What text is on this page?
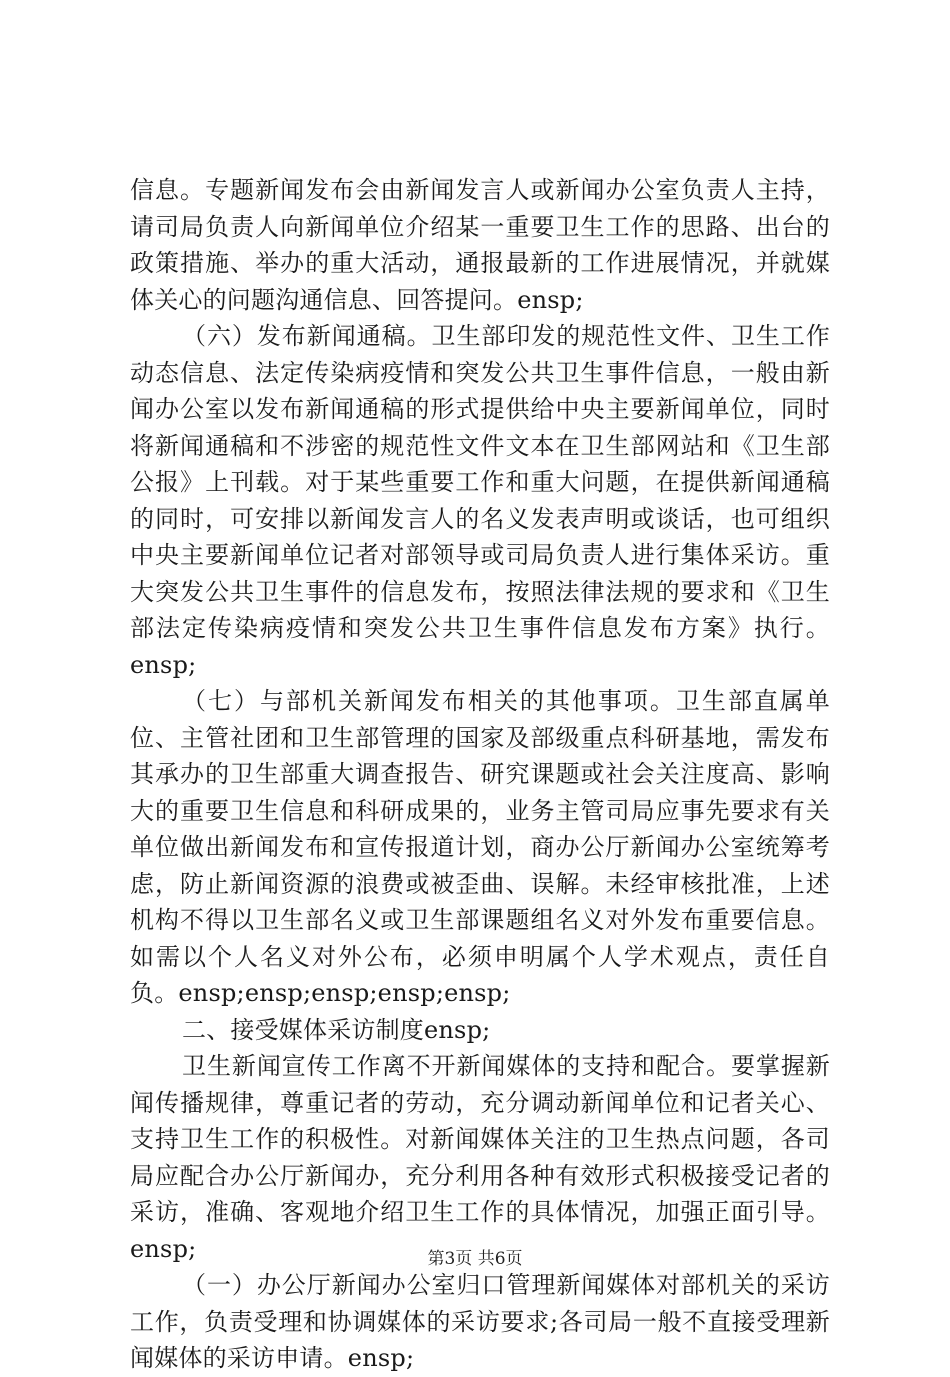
信息。专题新闻发布会由新闻发言人或新闻办公室负责人主持，请司局负责人向新闻单位介绍某一重要卫生工作的思路、出台的政策措施、举办的重大活动，通报最新的工作进展情况，并就媒体关心的问题沟通信息、回答提问。ensp;

（六）发布新闻通稿。卫生部印发的规范性文件、卫生工作动态信息、法定传染病疫情和突发公共卫生事件信息，一般由新闻办公室以发布新闻通稿的形式提供给中央主要新闻单位，同时将新闻通稿和不涉密的规范性文件文本在卫生部网站和《卫生部公报》上刊载。对于某些重要工作和重大问题，在提供新闻通稿的同时，可安排以新闻发言人的名义发表声明或谈话，也可组织中央主要新闻单位记者对部领导或司局负责人进行集体采访。重大突发公共卫生事件的信息发布，按照法律法规的要求和《卫生部法定传染病疫情和突发公共卫生事件信息发布方案》执行。ensp;

（七）与部机关新闻发布相关的其他事项。卫生部直属单位、主管社团和卫生部管理的国家及部级重点科研基地，需发布其承办的卫生部重大调查报告、研究课题或社会关注度高、影响大的重要卫生信息和科研成果的，业务主管司局应事先要求有关单位做出新闻发布和宣传报道计划，商办公厅新闻办公室统筹考虑，防止新闻资源的浪费或被歪曲、误解。未经审核批准，上述机构不得以卫生部名义或卫生部课题组名义对外发布重要信息。如需以个人名义对外公布，必须申明属个人学术观点，责任自负。ensp;ensp;ensp;ensp;ensp;

二、接受媒体采访制度ensp;

卫生新闻宣传工作离不开新闻媒体的支持和配合。要掌握新闻传播规律，尊重记者的劳动，充分调动新闻单位和记者关心、支持卫生工作的积极性。对新闻媒体关注的卫生热点问题，各司局应配合办公厅新闻办，充分利用各种有效形式积极接受记者的采访，准确、客观地介绍卫生工作的具体情况，加强正面引导。ensp;

（一）办公厅新闻办公室归口管理新闻媒体对部机关的采访工作，负责受理和协调媒体的采访要求;各司局一般不直接受理新闻媒体的采访申请。ensp;

第3页 共6页
